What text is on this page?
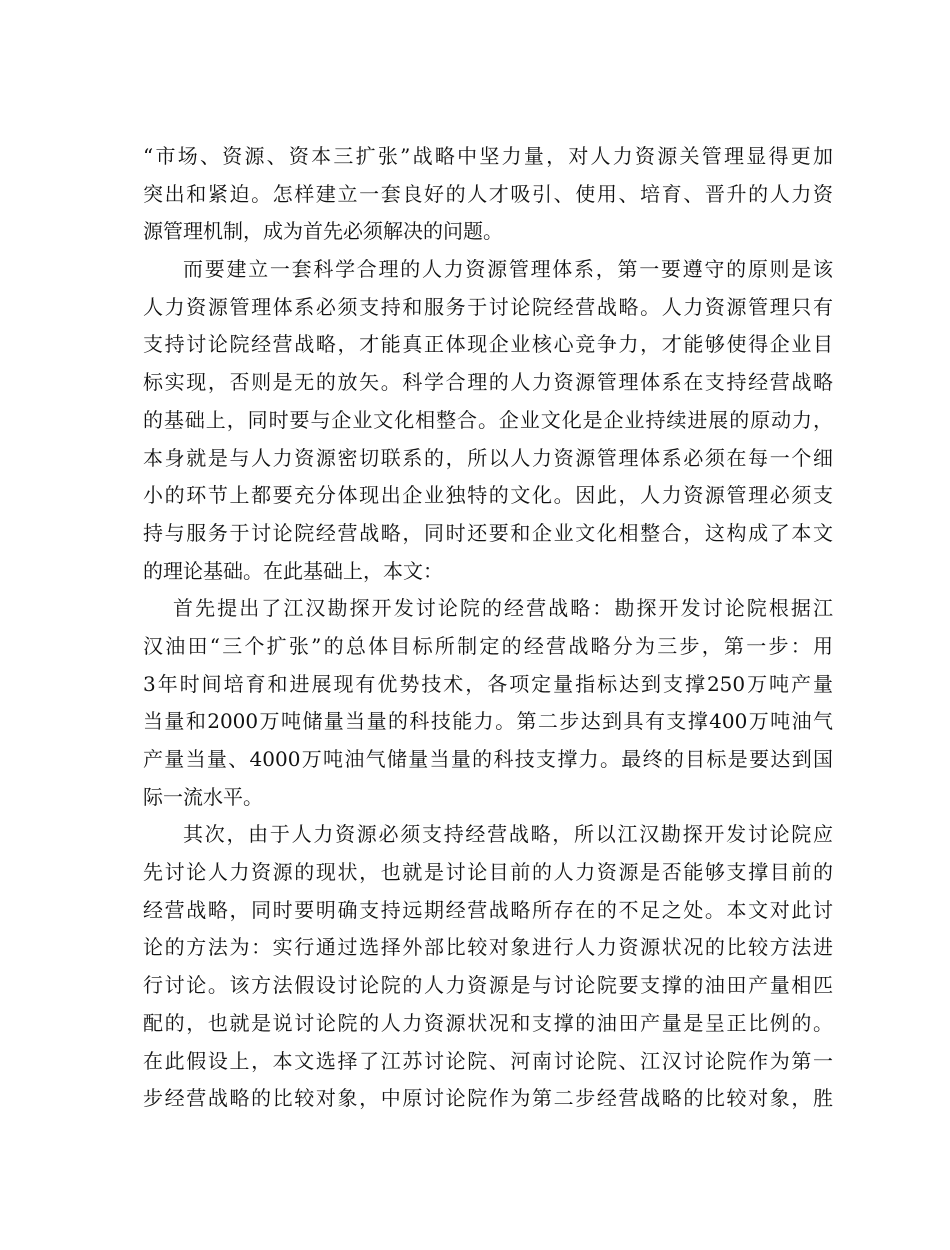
“市场、资源、资本三扩张”战略中坚力量，对人力资源关管理显得更加
突出和紧迫。怎样建立一套良好的人才吸引、使用、培育、晋升的人力资
源管理机制，成为首先必须解决的问题。
而要建立一套科学合理的人力资源管理体系，第一要遵守的原则是该
人力资源管理体系必须支持和服务于讨论院经营战略。人力资源管理只有
支持讨论院经营战略，才能真正体现企业核心竞争力，才能够使得企业目
标实现，否则是无的放矢。科学合理的人力资源管理体系在支持经营战略
的基础上，同时要与企业文化相整合。企业文化是企业持续进展的原动力，
本身就是与人力资源密切联系的，所以人力资源管理体系必须在每一个细
小的环节上都要充分体现出企业独特的文化。因此，人力资源管理必须支
持与服务于讨论院经营战略，同时还要和企业文化相整合，这构成了本文
的理论基础。在此基础上，本文：
首先提出了江汉勘探开发讨论院的经营战略：勘探开发讨论院根据江
汉油田“三个扩张”的总体目标所制定的经营战略分为三步，第一步：用
3年时间培育和进展现有优势技术，各项定量指标达到支撑250万吨产量
当量和2000万吨储量当量的科技能力。第二步达到具有支撑400万吨油气
产量当量、4000万吨油气储量当量的科技支撑力。最终的目标是要达到国
际一流水平。
其次，由于人力资源必须支持经营战略，所以江汉勘探开发讨论院应
先讨论人力资源的现状，也就是讨论目前的人力资源是否能够支撑目前的
经营战略，同时要明确支持远期经营战略所存在的不足之处。本文对此讨
论的方法为：实行通过选择外部比较对象进行人力资源状况的比较方法进
行讨论。该方法假设讨论院的人力资源是与讨论院要支撑的油田产量相匹
配的，也就是说讨论院的人力资源状况和支撑的油田产量是呈正比例的。
在此假设上，本文选择了江苏讨论院、河南讨论院、江汉讨论院作为第一
步经营战略的比较对象，中原讨论院作为第二步经营战略的比较对象，胜
